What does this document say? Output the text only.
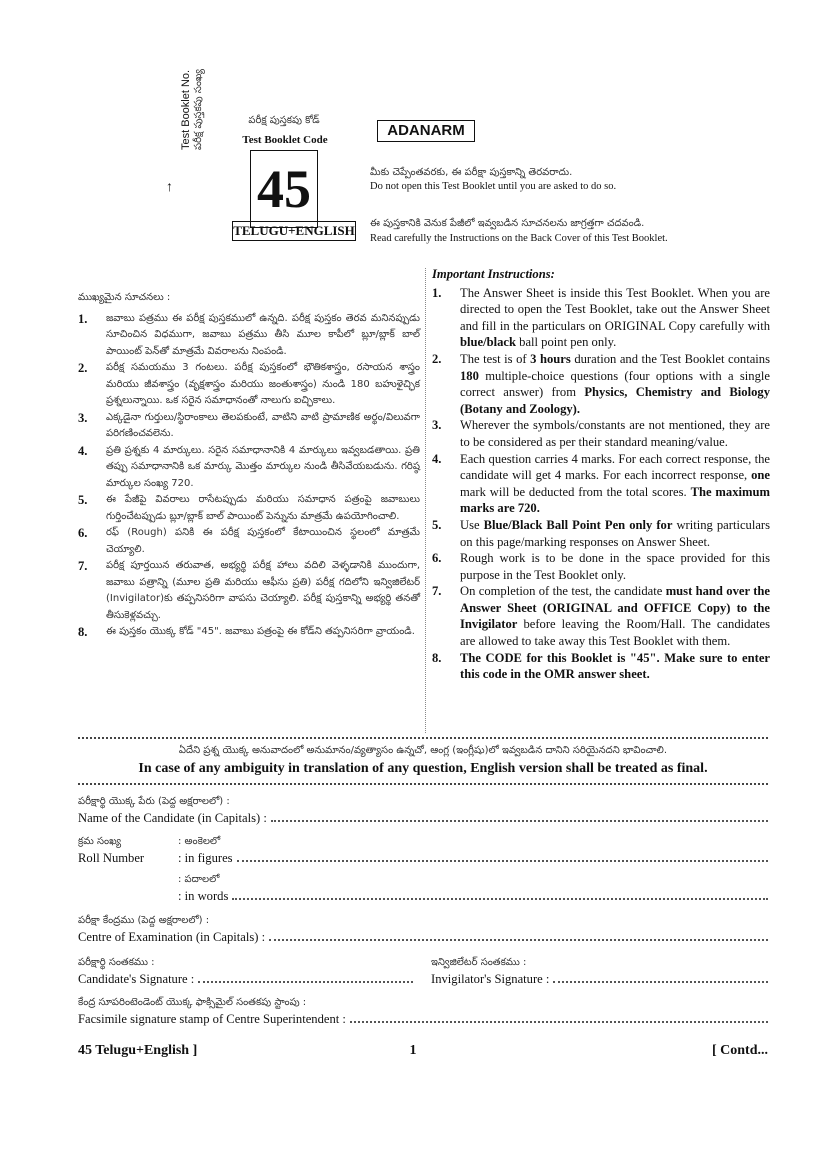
Test Booklet No. పరీక్ష పుస్తకపు సంఖ్య
↑
పరీక్ష పుస్తకపు కోడ్
Test Booklet Code
45
TELUGU+ENGLISH
ADANARM
మీకు చెప్పేంతవరకు, ఈ పరీక్షా పుస్తకాన్ని తెరవరాదు.
Do not open this Test Booklet until you are asked to do so.
ఈ పుస్తకానికి వెనుక పేజీలో ఇవ్వబడిన సూచనలను జాగ్రత్తగా చదవండి.
Read carefully the Instructions on the Back Cover of this Test Booklet.
ముఖ్యమైన సూచనలు :
1.	జవాబు పత్రము ఈ పరీక్ష పుస్తకములో ఉన్నది. పరీక్ష పుస్తకం తెరవ మనినప్పుడు సూచించిన విధముగా, జవాబు పత్రము తీసి మూల కాపీలో బ్లూ/బ్లాక్ బాల్ పాయింట్ పెన్‌తో మాత్రమే వివరాలను నింపండి.
2.	పరీక్ష సమయము 3 గంటలు. పరీక్ష పుస్తకంలో భౌతికశాస్త్రం, రసాయన శాస్త్రం మరియు జీవశాస్త్రం (వృక్షశాస్త్రం మరియు జంతుశాస్త్రం) నుండి 180 బహుళైచ్ఛిక ప్రశ్నలున్నాయి. ఒక సరైన సమాధానంతో నాలుగు ఐచ్ఛికాలు.
3.	ఎక్కడైనా గుర్తులు/స్థిరాంకాలు తెలపకుంటే, వాటిని వాటి ప్రామాణిక అర్థం/విలువగా పరిగణించవలెను.
4.	ప్రతి ప్రశ్నకు 4 మార్కులు. సరైన సమాధానానికి 4 మార్కులు ఇవ్వబడతాయి. ప్రతి తప్పు సమాధానానికి ఒక మార్కు మొత్తం మార్కుల నుండి తీసివేయబడును. గరిష్ఠ మార్కుల సంఖ్య 720.
5.	ఈ పేజీపై వివరాలు రాసేటప్పుడు మరియు సమాధాన పత్రంపై జవాబులు గుర్తించేటప్పుడు బ్లూ/బ్లాక్ బాల్ పాయింట్ పెన్నును మాత్రమే ఉపయోగించాలి.
6.	రఫ్ (Rough) పనికి ఈ పరీక్ష పుస్తకంలో కేటాయించిన స్థలంలో మాత్రమే చెయ్యాలి.
7.	పరీక్ష పూర్తయిన తరువాత, అభ్యర్థి పరీక్ష హాలు వదిలి వెళ్ళడానికి ముందుగా, జవాబు పత్రాన్ని (మూల ప్రతి మరియు ఆఫీసు ప్రతి) పరీక్ష గదిలోని ఇన్విజిలేటర్ (Invigilator)కు తప్పనిసరిగా వాపసు చెయ్యాలి. పరీక్ష పుస్తకాన్ని అభ్యర్థి తనతో తీసుకెళ్లవచ్చు.
8.	ఈ పుస్తకం యొక్క కోడ్ "45". జవాబు పత్రంపై ఈ కోడ్‌ని తప్పనిసరిగా వ్రాయండి.
Important Instructions:
1.	The Answer Sheet is inside this Test Booklet. When you are directed to open the Test Booklet, take out the Answer Sheet and fill in the particulars on ORIGINAL Copy carefully with blue/black ball point pen only.
2.	The test is of 3 hours duration and the Test Booklet contains 180 multiple-choice questions (four options with a single correct answer) from Physics, Chemistry and Biology (Botany and Zoology).
3.	Wherever the symbols/constants are not mentioned, they are to be considered as per their standard meaning/value.
4.	Each question carries 4 marks. For each correct response, the candidate will get 4 marks. For each incorrect response, one mark will be deducted from the total scores. The maximum marks are 720.
5.	Use Blue/Black Ball Point Pen only for writing particulars on this page/marking responses on Answer Sheet.
6.	Rough work is to be done in the space provided for this purpose in the Test Booklet only.
7.	On completion of the test, the candidate must hand over the Answer Sheet (ORIGINAL and OFFICE Copy) to the Invigilator before leaving the Room/Hall. The candidates are allowed to take away this Test Booklet with them.
8.	The CODE for this Booklet is "45". Make sure to enter this code in the OMR answer sheet.
ఏదేని ప్రశ్న యొక్క అనువాదంలో అనుమానం/వ్యత్యాసం ఉన్నచో, ఆంగ్ల (ఇంగ్లీషు)లో ఇవ్వబడిన దానిని సరియైనదని భావించాలి.
In case of any ambiguity in translation of any question, English version shall be treated as final.
పరీక్షార్థి యొక్క పేరు (పెద్ద అక్షరాలలో) :
Name of the Candidate (in Capitals) :
క్రమ సంఖ్య	: అంకెలలో
Roll Number	: in figures
: పదాలలో
: in words
పరీక్షా కేంద్రము (పెద్ద అక్షరాలలో) :
Centre of Examination (in Capitals) :
పరీక్షార్థి సంతకము :
Candidate's Signature :
ఇన్విజిలేటర్ సంతకము :
Invigilator's Signature :
కేంద్ర సూపరింటెండెంట్ యొక్క ఫాక్సిమైల్ సంతకపు స్టాంపు :
Facsimile signature stamp of Centre Superintendent :
45 Telugu+English ]	1	[ Contd...
